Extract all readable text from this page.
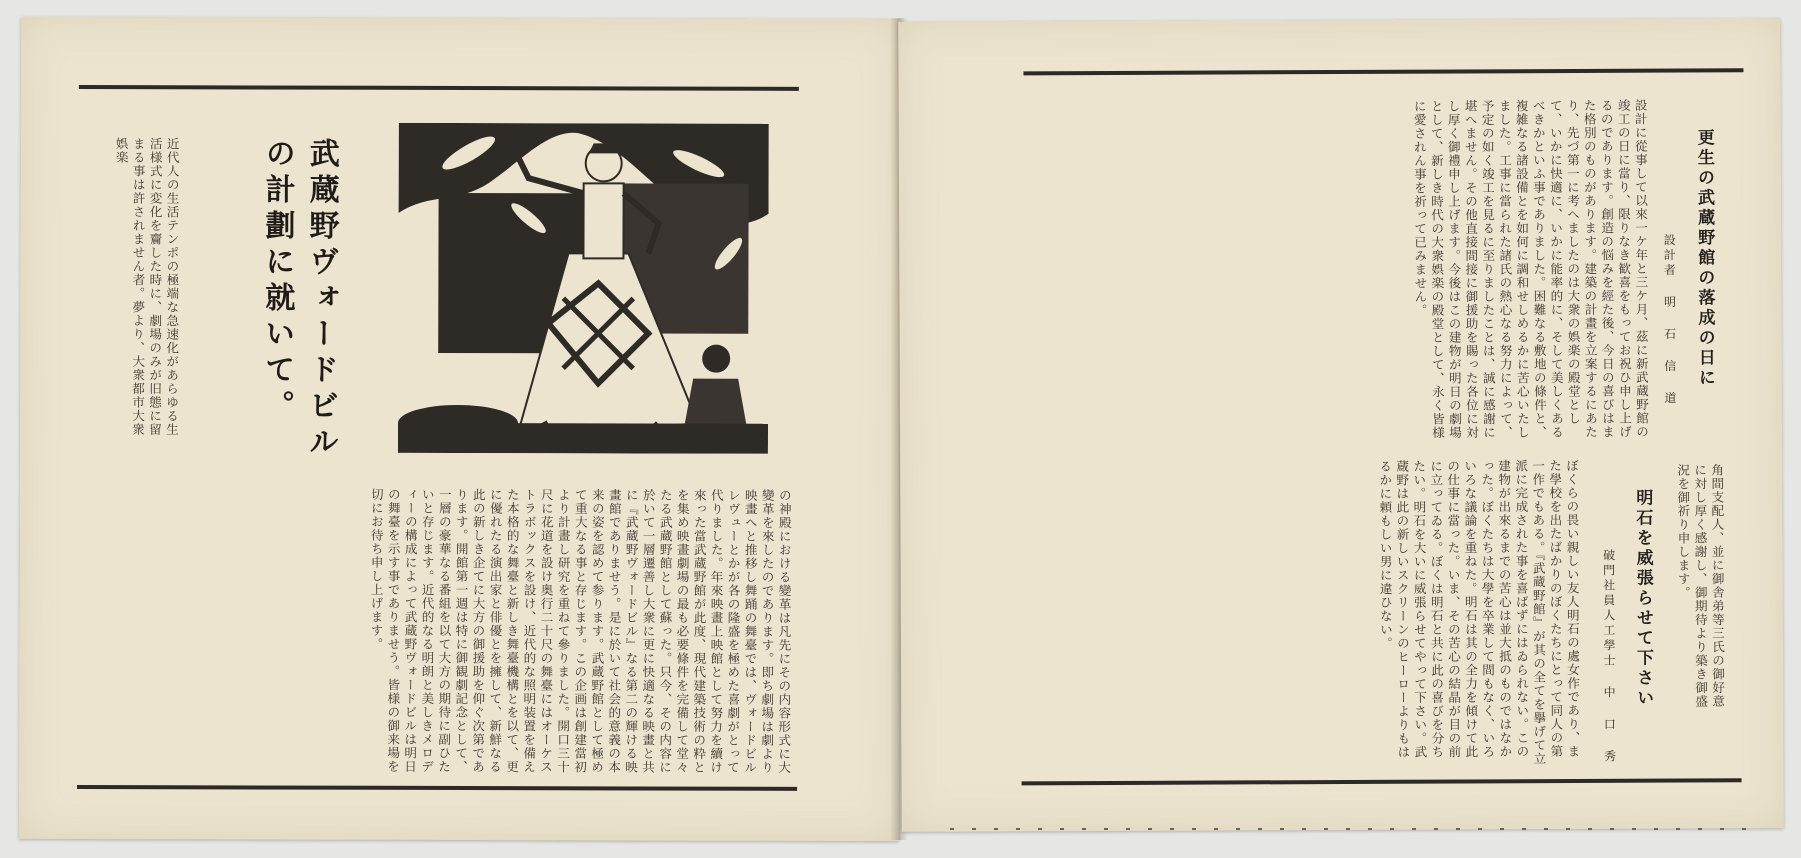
近代人の生活テンポの極端な急速化があらゆる生活様式に変化を齎した時に、劇場のみが旧態に留まる事は許されません者。夢より、大衆都市大衆娯楽	武蔵野ヴォードビルの計劃に就いて。
の神殿における變革は凡先にその内容形式に大變革を來したのであります。即ち劇場は劇より映畫へと推移し舞踊の舞臺では、ヴォードビルレヴューとかが各の隆盛を極めた喜劇がとって代りました。年來映畫上映館として努力を續け來った當武蔵野館が此度、現代建築技術の粋とを集め映畫劇場の最も必要條件を完備して堂々たる武蔵野館として蘇った。只今、その内容に於いて一層遷善し大衆に更に快適なる映畫と共に『武蔵野ヴォードビル』なる第二の輝ける映畫館でありませう。是に於いて社会的意義の本来の姿を認めて参ります。武蔵野館として極めて重大なる事と存じます。この企画は創建當初より計畫し研究を重ねて參りました。開口三十尺に花道を設け奥行二十尺の舞臺にはオーケストラボックスを設け、近代的な照明装置を備えた本格的な舞臺と新しき舞臺機構とを以て、更に優れたる演出家と俳優とを擁して、新鮮なる此の新しき企てに大方の御援助を仰ぐ次第であります。開館第一週は特に御観劇記念として、一層の豪華なる番組を以て大方の期待に副ひたいと存じます。近代的なる明朗と美しきメロディーの構成によって武蔵野ヴォードビルは明日の舞臺を示す事でありませう。皆様の御来場を切にお待ち申し上げます。
更生の武蔵野館の落成の日に
設計者 明 石 信 道
設計に從事して以來一ケ年と三ケ月、茲に新武蔵野館の竣工の日に當り、限りなき歓喜をもってお祝ひ申し上げるのであります。創造の悩みを經た後、今日の喜びはまた格別のものがあります。建築の計畫を立案するにあたり、先づ第一に考へましたのは大衆の娯楽の殿堂として、いかに快適に、いかに能率的に、そして美しくあるべきかといふ事でありました。困難なる敷地の條件と、複雑なる諸設備とを如何に調和せしめるかに苦心いたしました。工事に當られた諸氏の熱心なる努力によって、予定の如く竣工を見るに至りましたことは、誠に感謝に堪へません。その他直接間接に御援助を賜った各位に対し厚く御禮申し上げます。今後はこの建物が明日の劇場として、新しき時代の大衆娯楽の殿堂として、永く皆様に愛されん事を祈って已みません。
角間支配人、並に御舎弟等三氏の御好意に対し厚く感謝し、御期待より築き御盛況を御祈り申します。
明石を威張らせて下さい
破門社員人工學士 中 口 秀
ぼくらの畏い親しい友人明石の處女作であり、また學校を出たばかりのぼくたちにとって同人の第一作でもある。『武蔵野館』が其の全てを擧げて立派に完成された事を喜ばずにはゐられない。この建物が出來るまでの苦心は並大抵のものではなかった。ぼくたちは大學を卒業して間もなく、いろいろな議論を重ねた。明石は其の全力を傾けて此の仕事に當った。いま、その苦心の結晶が目の前に立ってゐる。ぼくは明石と共に此の喜びを分ちたい。明石を大いに威張らせてやって下さい。武蔵野は此の新しいスクリーンのヒーローよりもはるかに頼もしい男に違ひない。
